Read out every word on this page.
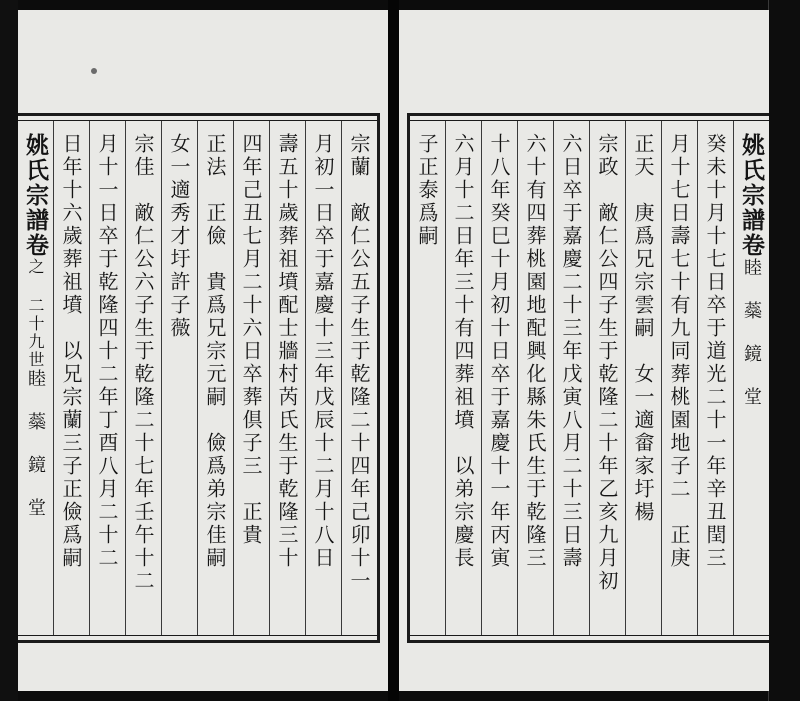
宗蘭　敵仁公五子生于乾隆二十四年己卯十一
月初一日卒于嘉慶十三年戊辰十二月十八日
壽五十歲葬祖墳配士牆村芮氏生于乾隆三十
四年己丑七月二十六日卒葬倶子三　正貴
正法　正儉　貴爲兄宗元嗣　儉爲弟宗佳嗣
女一適秀才圩許子薇
宗佳　敵仁公六子生于乾隆二十七年壬午十二
月十一日卒于乾隆四十二年丁酉八月二十二
日年十六歲葬祖墳　以兄宗蘭三子正儉爲嗣
姚氏宗譜卷之 二十九世睦 蘂 鏡 堂
姚氏宗譜卷睦 蘂 鏡 堂
癸未十月十七日卒于道光二十一年辛丑閏三
月十七日壽七十有九同葬桃園地子二　正庚
正天　庚爲兄宗雲嗣　女一適畲家圩楊
宗政　敵仁公四子生于乾隆二十年乙亥九月初
六日卒于嘉慶二十三年戊寅八月二十三日壽
六十有四葬桃園地配興化縣朱氏生于乾隆三
十八年癸巳十月初十日卒于嘉慶十一年丙寅
六月十二日年三十有四葬祖墳　以弟宗慶長
子正泰爲嗣
